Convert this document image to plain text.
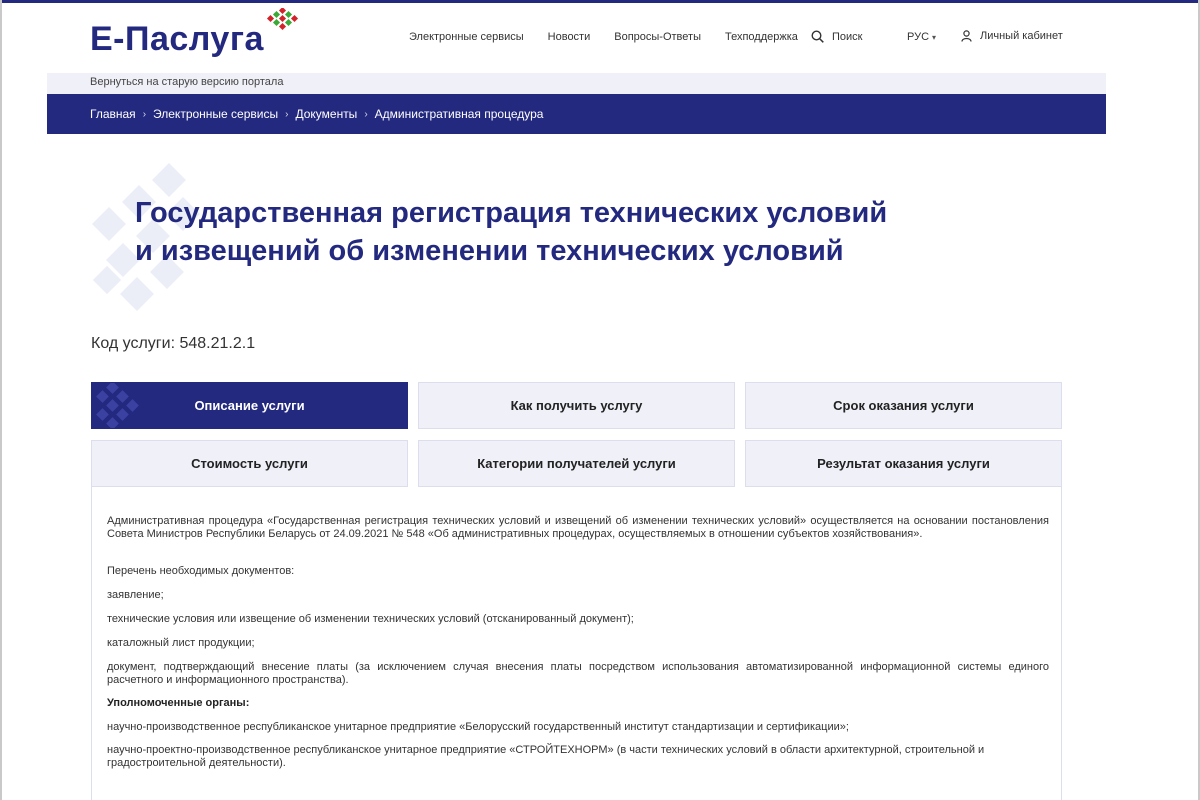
Е-Паслуга	Электронные сервисы Новости Вопросы-Ответы Техподдержка	Поиск	РУС ▾	Личный кабинет
Вернуться на старую версию портала
Главная › Электронные сервисы › Документы › Административная процедура
Государственная регистрация технических условий
и извещений об изменении технических условий
Код услуги: 548.21.2.1
Описание услуги	Как получить услугу	Срок оказания услуги
Стоимость услуги	Категории получателей услуги	Результат оказания услуги

Административная процедура «Государственная регистрация технических условий и извещений об изменении технических условий» осуществляется на основании постановления Совета Министров Республики Беларусь от 24.09.2021 № 548 «Об административных процедурах, осуществляемых в отношении субъектов хозяйствования».

Перечень необходимых документов:

заявление;

технические условия или извещение об изменении технических условий (отсканированный документ);

каталожный лист продукции;

документ, подтверждающий внесение платы (за исключением случая внесения платы посредством использования автоматизированной информационной системы единого расчетного и информационного пространства).

Уполномоченные органы:

научно-производственное республиканское унитарное предприятие «Белорусский государственный институт стандартизации и сертификации»;

научно-проектно-производственное республиканское унитарное предприятие «СТРОЙТЕХНОРМ» (в части технических условий в области архитектурной, строительной и градостроительной деятельности).
